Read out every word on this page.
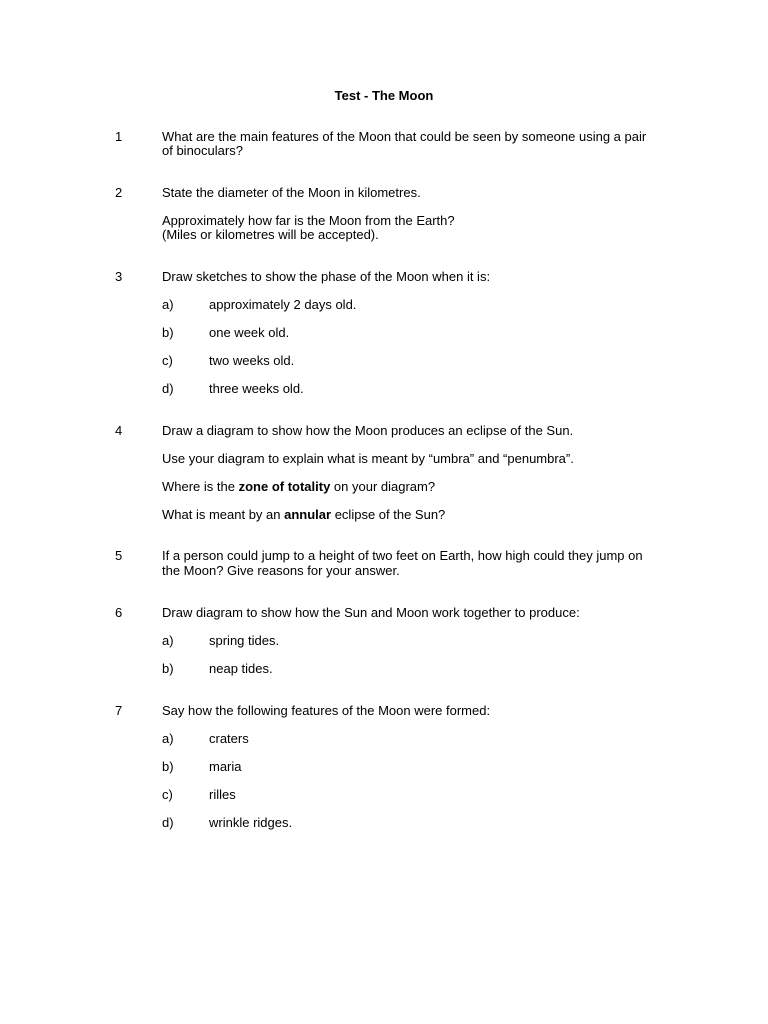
Test - The Moon
1	What are the main features of the Moon that could be seen by someone using a pair
of binoculars?
2	State the diameter of the Moon in kilometres.
Approximately how far is the Moon from the Earth?
(Miles or kilometres will be accepted).
3	Draw sketches to show the phase of the Moon when it is:
a)	approximately 2 days old.
b)	one week old.
c)	two weeks old.
d)	three weeks old.
4	Draw a diagram to show how the Moon produces an eclipse of the Sun.
Use your diagram to explain what is meant by “umbra” and “penumbra”.
Where is the zone of totality on your diagram?
What is meant by an annular eclipse of the Sun?
5	If a person could jump to a height of two feet on Earth, how high could they jump on
the Moon? Give reasons for your answer.
6	Draw diagram to show how the Sun and Moon work together to produce:
a)	spring tides.
b)	neap tides.
7	Say how the following features of the Moon were formed:
a)	craters
b)	maria
c)	rilles
d)	wrinkle ridges.
